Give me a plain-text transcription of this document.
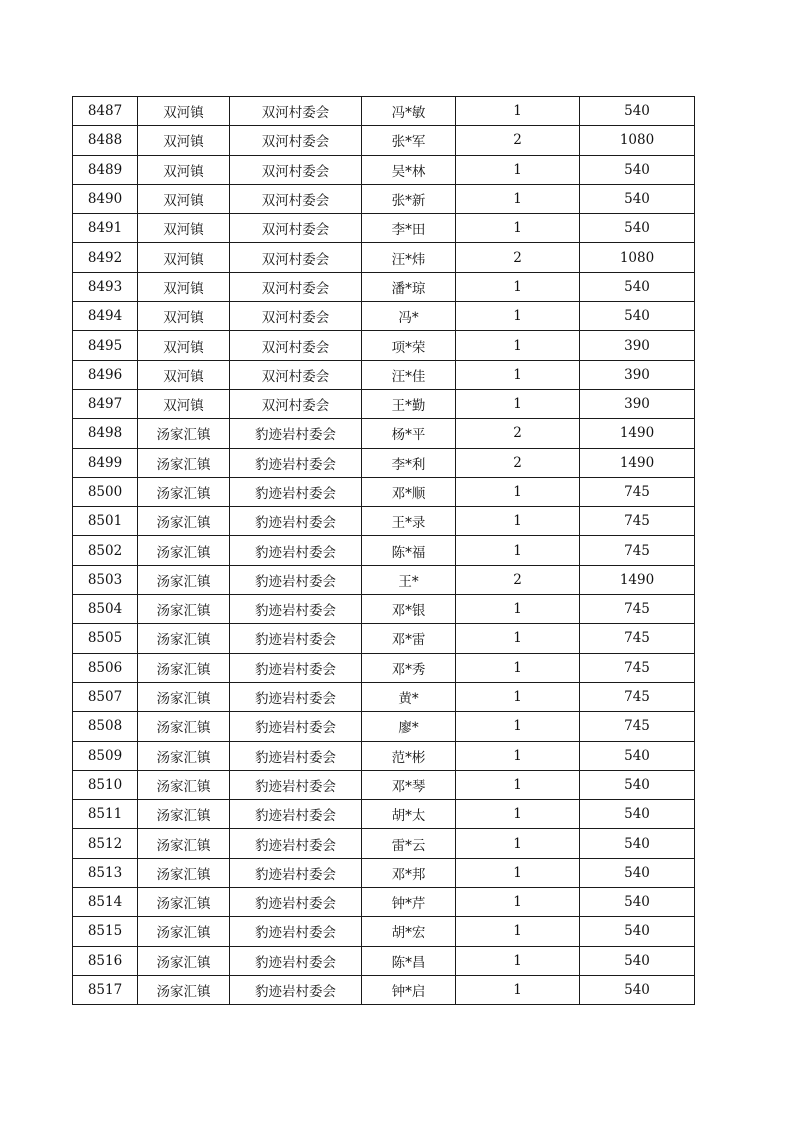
8487	双河镇	双河村委会	冯*敏	1	540
8488	双河镇	双河村委会	张*军	2	1080
8489	双河镇	双河村委会	吴*林	1	540
8490	双河镇	双河村委会	张*新	1	540
8491	双河镇	双河村委会	李*田	1	540
8492	双河镇	双河村委会	汪*炜	2	1080
8493	双河镇	双河村委会	潘*琼	1	540
8494	双河镇	双河村委会	冯*	1	540
8495	双河镇	双河村委会	项*荣	1	390
8496	双河镇	双河村委会	汪*佳	1	390
8497	双河镇	双河村委会	王*勤	1	390
8498	汤家汇镇	豹迹岩村委会	杨*平	2	1490
8499	汤家汇镇	豹迹岩村委会	李*利	2	1490
8500	汤家汇镇	豹迹岩村委会	邓*顺	1	745
8501	汤家汇镇	豹迹岩村委会	王*录	1	745
8502	汤家汇镇	豹迹岩村委会	陈*福	1	745
8503	汤家汇镇	豹迹岩村委会	王*	2	1490
8504	汤家汇镇	豹迹岩村委会	邓*银	1	745
8505	汤家汇镇	豹迹岩村委会	邓*雷	1	745
8506	汤家汇镇	豹迹岩村委会	邓*秀	1	745
8507	汤家汇镇	豹迹岩村委会	黄*	1	745
8508	汤家汇镇	豹迹岩村委会	廖*	1	745
8509	汤家汇镇	豹迹岩村委会	范*彬	1	540
8510	汤家汇镇	豹迹岩村委会	邓*琴	1	540
8511	汤家汇镇	豹迹岩村委会	胡*太	1	540
8512	汤家汇镇	豹迹岩村委会	雷*云	1	540
8513	汤家汇镇	豹迹岩村委会	邓*邦	1	540
8514	汤家汇镇	豹迹岩村委会	钟*芹	1	540
8515	汤家汇镇	豹迹岩村委会	胡*宏	1	540
8516	汤家汇镇	豹迹岩村委会	陈*昌	1	540
8517	汤家汇镇	豹迹岩村委会	钟*启	1	540
